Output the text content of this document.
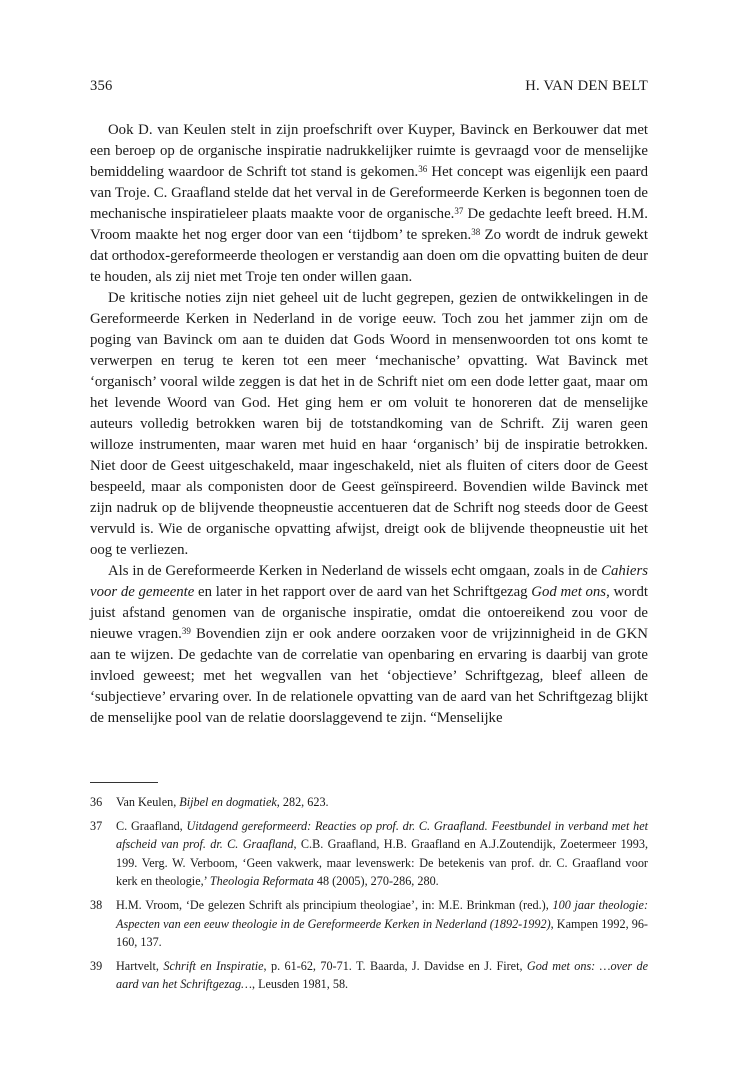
356	H. VAN DEN BELT

Ook D. van Keulen stelt in zijn proefschrift over Kuyper, Bavinck en Berkouwer dat met een beroep op de organische inspiratie nadrukkelijker ruimte is gevraagd voor de menselijke bemiddeling waardoor de Schrift tot stand is gekomen.$^{36}$ Het concept was eigenlijk een paard van Troje. C. Graafland stelde dat het verval in de Gereformeerde Kerken is begonnen toen de mechanische inspiratieleer plaats maakte voor de organische.$^{37}$ De gedachte leeft breed. H.M. Vroom maakte het nog erger door van een ‘tijdbom’ te spreken.$^{38}$ Zo wordt de indruk gewekt dat orthodox-gereformeerde theologen er verstandig aan doen om die opvatting buiten de deur te houden, als zij niet met Troje ten onder willen gaan.

De kritische noties zijn niet geheel uit de lucht gegrepen, gezien de ontwikkelingen in de Gereformeerde Kerken in Nederland in de vorige eeuw. Toch zou het jammer zijn om de poging van Bavinck om aan te duiden dat Gods Woord in mensenwoorden tot ons komt te verwerpen en terug te keren tot een meer ‘mechanische’ opvatting. Wat Bavinck met ‘organisch’ vooral wilde zeggen is dat het in de Schrift niet om een dode letter gaat, maar om het levende Woord van God. Het ging hem er om voluit te honoreren dat de menselijke auteurs volledig betrokken waren bij de totstandkoming van de Schrift. Zij waren geen willoze instrumenten, maar waren met huid en haar ‘organisch’ bij de inspiratie betrokken. Niet door de Geest uitgeschakeld, maar ingeschakeld, niet als fluiten of citers door de Geest bespeeld, maar als componisten door de Geest geïnspireerd. Bovendien wilde Bavinck met zijn nadruk op de blijvende theopneustie accentueren dat de Schrift nog steeds door de Geest vervuld is. Wie de organische opvatting afwijst, dreigt ook de blijvende theopneustie uit het oog te verliezen.

Als in de Gereformeerde Kerken in Nederland de wissels echt omgaan, zoals in de Cahiers voor de gemeente en later in het rapport over de aard van het Schriftgezag God met ons, wordt juist afstand genomen van de organische inspiratie, omdat die ontoereikend zou voor de nieuwe vragen.$^{39}$ Bovendien zijn er ook andere oorzaken voor de vrijzinnigheid in de GKN aan te wijzen. De gedachte van de correlatie van openbaring en ervaring is daarbij van grote invloed geweest; met het wegvallen van het ‘objectieve’ Schriftgezag, bleef alleen de ‘subjectieve’ ervaring over. In de relationele opvatting van de aard van het Schriftgezag blijkt de menselijke pool van de relatie doorslaggevend te zijn. “Menselijke

36	Van Keulen, Bijbel en dogmatiek, 282, 623.
37	C. Graafland, Uitdagend gereformeerd: Reacties op prof. dr. C. Graafland. Feestbundel in verband met het afscheid van prof. dr. C. Graafland, C.B. Graafland, H.B. Graafland en A.J.Zoutendijk, Zoetermeer 1993, 199. Verg. W. Verboom, ‘Geen vakwerk, maar levenswerk: De betekenis van prof. dr. C. Graafland voor kerk en theologie,’ Theologia Reformata 48 (2005), 270-286, 280.
38	H.M. Vroom, ‘De gelezen Schrift als principium theologiae’, in: M.E. Brinkman (red.), 100 jaar theologie: Aspecten van een eeuw theologie in de Gereformeerde Kerken in Nederland (1892-1992), Kampen 1992, 96-160, 137.
39	Hartvelt, Schrift en Inspiratie, p. 61-62, 70-71. T. Baarda, J. Davidse en J. Firet, God met ons: …over de aard van het Schriftgezag…, Leusden 1981, 58.
